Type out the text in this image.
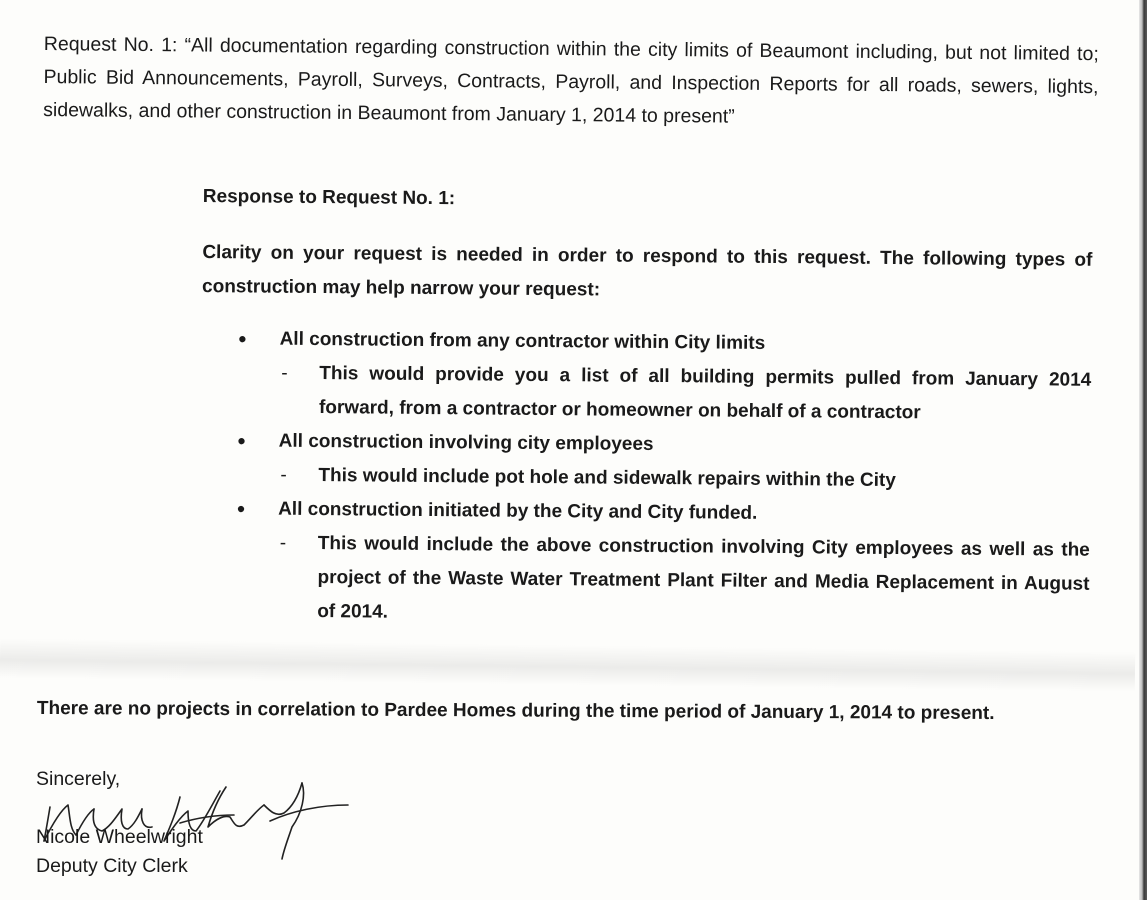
Request No. 1: “All documentation regarding construction within the city limits of Beaumont including, but not limited to; Public Bid Announcements, Payroll, Surveys, Contracts, Payroll, and Inspection Reports for all roads, sewers, lights, sidewalks, and other construction in Beaumont from January 1, 2014 to present”

Response to Request No. 1:

Clarity on your request is needed in order to respond to this request. The following types of construction may help narrow your request:

• All construction from any contractor within City limits
- This would provide you a list of all building permits pulled from January 2014 forward, from a contractor or homeowner on behalf of a contractor
• All construction involving city employees
- This would include pot hole and sidewalk repairs within the City
• All construction initiated by the City and City funded.
- This would include the above construction involving City employees as well as the project of the Waste Water Treatment Plant Filter and Media Replacement in August of 2014.

There are no projects in correlation to Pardee Homes during the time period of January 1, 2014 to present.

Sincerely,
Nicole Wheelwright
Deputy City Clerk
